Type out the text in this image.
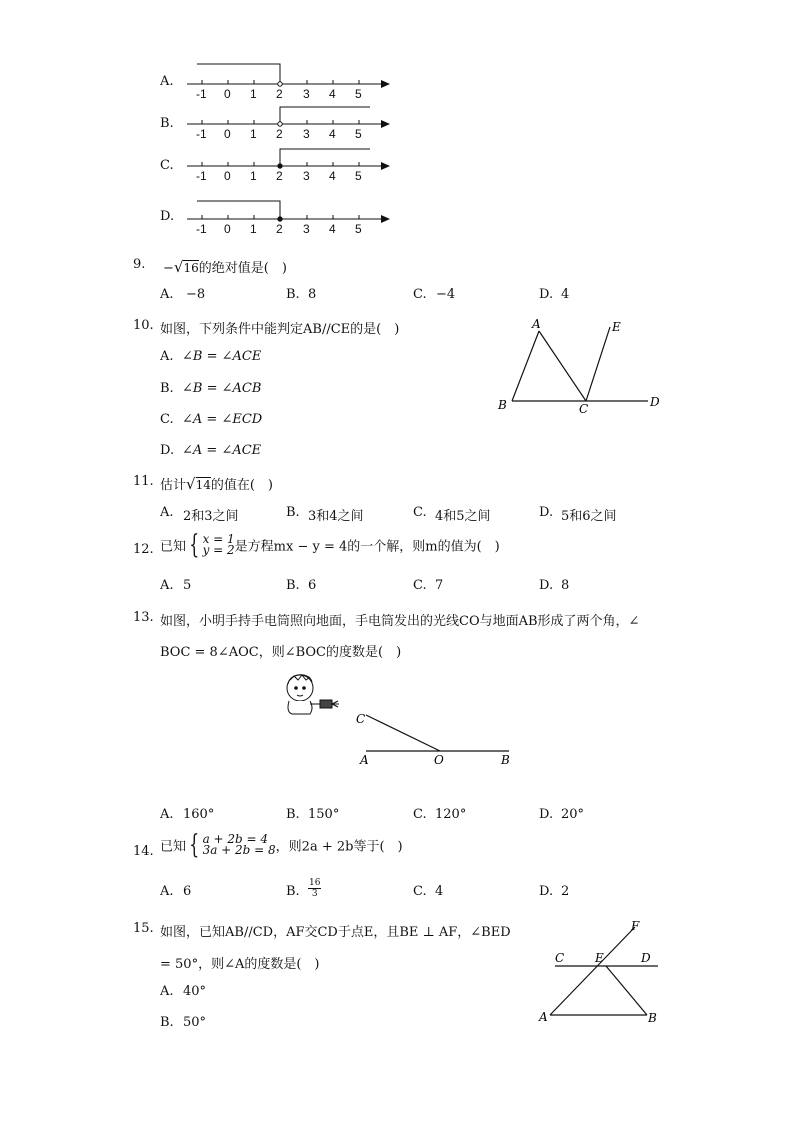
A.
-1 0 1 2 3 4 5
B.
-1 0 1 2 3 4 5
C.
-1 0 1 2 3 4 5
D.
-1 0 1 2 3 4 5
9. −√16的绝对值是(　)
A. −8	B. 8	C. −4	D. 4
10. 如图，下列条件中能判定AB//CE的是(　)
A. ∠B = ∠ACE
B. ∠B = ∠ACB
C. ∠A = ∠ECD
D. ∠A = ∠ACE
A
B	C	D
E
11. 估计√14的值在(　)
A. 2和3之间	B. 3和4之间	C. 4和5之间	D. 5和6之间
12. 已知 { x = 1
y = 2是方程mx − y = 4的一个解，则m的值为(　)
A. 5	B. 6	C. 7	D. 8
13. 如图，小明手持手电筒照向地面，手电筒发出的光线CO与地面AB形成了两个角，∠
BOC = 8∠AOC，则∠BOC的度数是(　)
C
A	O	B
A. 160°	B. 150°	C. 120°	D. 20°
14. 已知 { a + 2b = 4
3a + 2b = 8，则2a + 2b等于(　)
A. 6	B. $\frac{16}{3}$	C. 4	D. 2
15. 如图，已知AB//CD，AF交CD于点E，且BE ⊥ AF，∠BED
= 50°，则∠A的度数是(　)
A. 40°
B. 50°
F
C	E	D
A	B
